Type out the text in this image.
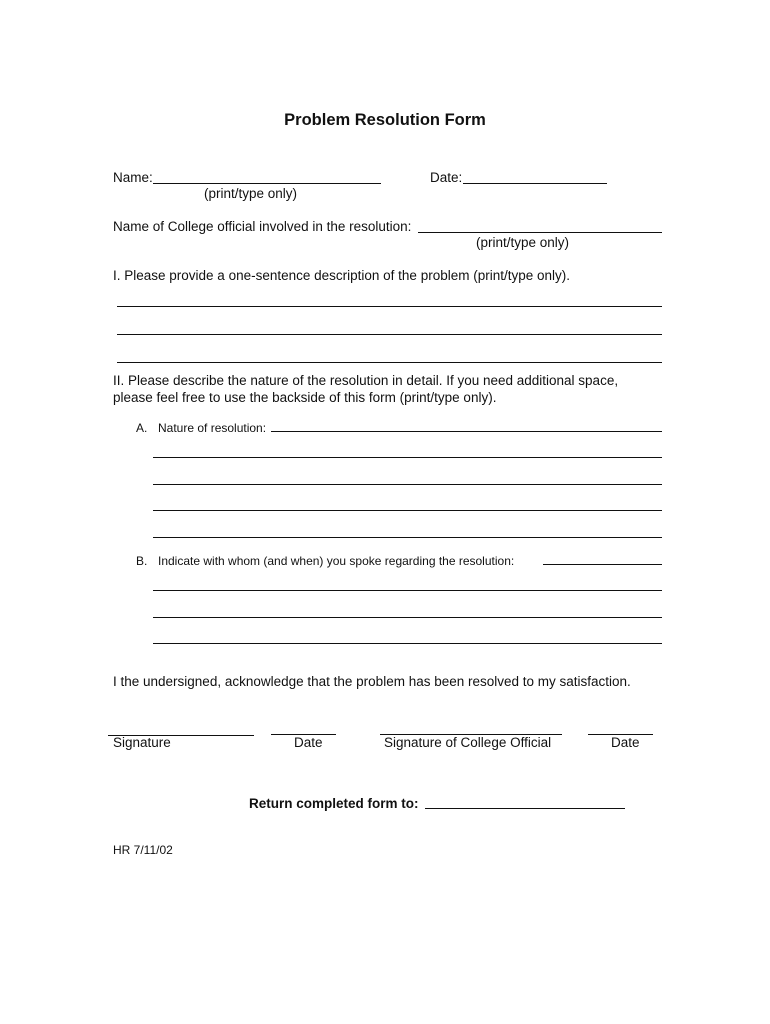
Problem Resolution Form
Name:
(print/type only)
Date:
Name of College official involved in the resolution:
(print/type only)
I. Please provide a one-sentence description of the problem (print/type only).
II. Please describe the nature of the resolution in detail. If you need additional space,
please feel free to use the backside of this form (print/type only).
A. Nature of resolution:
B. Indicate with whom (and when) you spoke regarding the resolution:
I the undersigned, acknowledge that the problem has been resolved to my satisfaction.
Signature	Date	Signature of College Official	Date
Return completed form to:
HR 7/11/02
